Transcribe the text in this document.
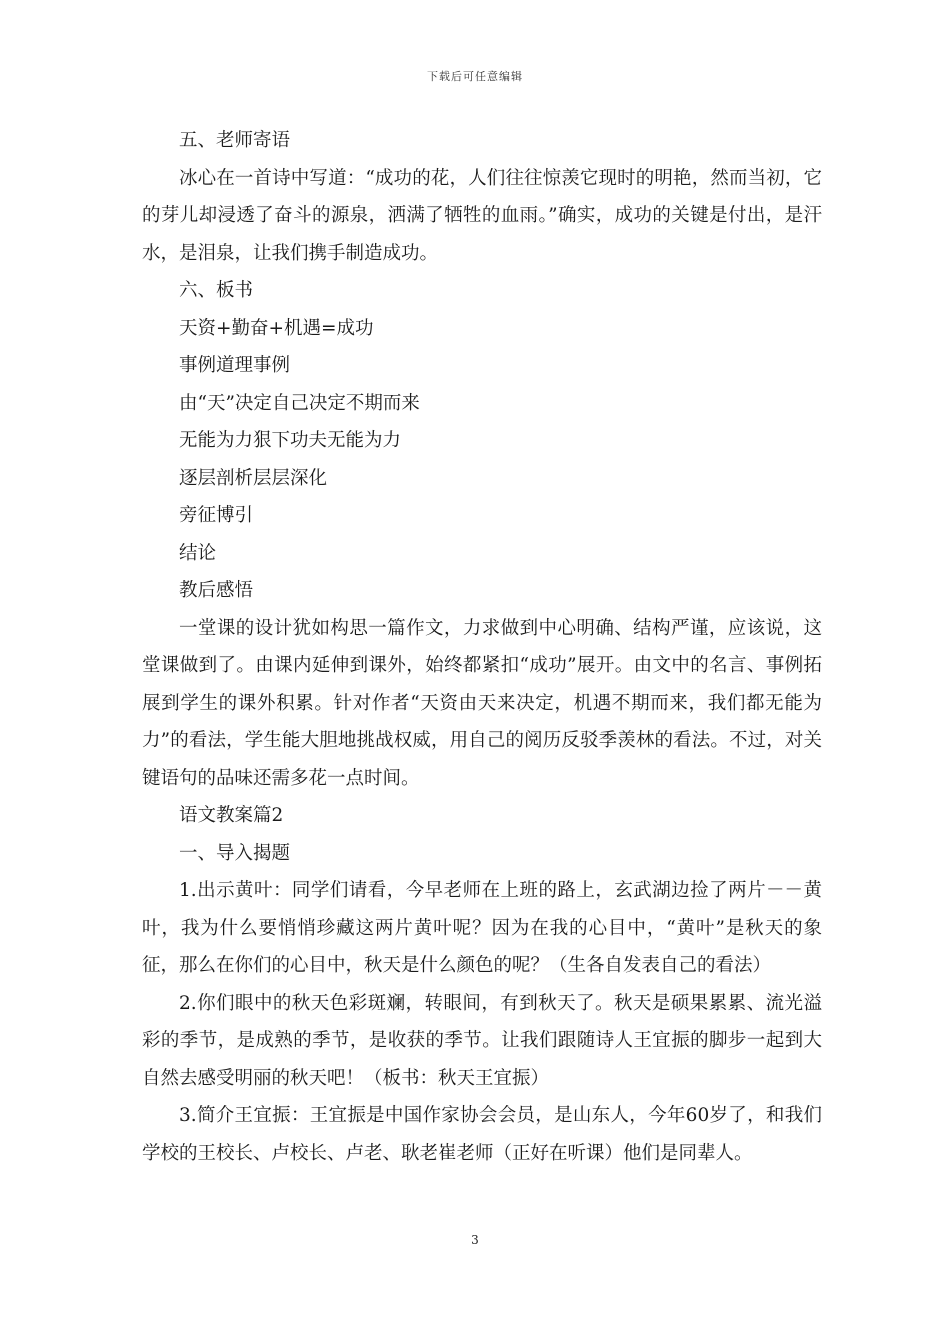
下载后可任意编辑

五、老师寄语

冰心在一首诗中写道：“成功的花，人们往往惊羡它现时的明艳，然而当初，它的芽儿却浸透了奋斗的源泉，洒满了牺牲的血雨。”确实，成功的关键是付出，是汗水，是泪泉，让我们携手制造成功。

六、板书

天资+勤奋+机遇=成功

事例道理事例

由“天”决定自己决定不期而来

无能为力狠下功夫无能为力

逐层剖析层层深化

旁征博引

结论

教后感悟

一堂课的设计犹如构思一篇作文，力求做到中心明确、结构严谨，应该说，这堂课做到了。由课内延伸到课外，始终都紧扣“成功”展开。由文中的名言、事例拓展到学生的课外积累。针对作者“天资由天来决定，机遇不期而来，我们都无能为力”的看法，学生能大胆地挑战权威，用自己的阅历反驳季羡林的看法。不过，对关键语句的品味还需多花一点时间。

语文教案篇2

一、导入揭题

1.出示黄叶：同学们请看，今早老师在上班的路上，玄武湖边捡了两片－－黄叶，我为什么要悄悄珍藏这两片黄叶呢？因为在我的心目中，“黄叶”是秋天的象征，那么在你们的心目中，秋天是什么颜色的呢？（生各自发表自己的看法）

2.你们眼中的秋天色彩斑斓，转眼间，有到秋天了。秋天是硕果累累、流光溢彩的季节，是成熟的季节，是收获的季节。让我们跟随诗人王宜振的脚步一起到大自然去感受明丽的秋天吧！（板书：秋天王宜振）

3.简介王宜振：王宜振是中国作家协会会员，是山东人，今年60岁了，和我们学校的王校长、卢校长、卢老、耿老崔老师（正好在听课）他们是同辈人。

3
